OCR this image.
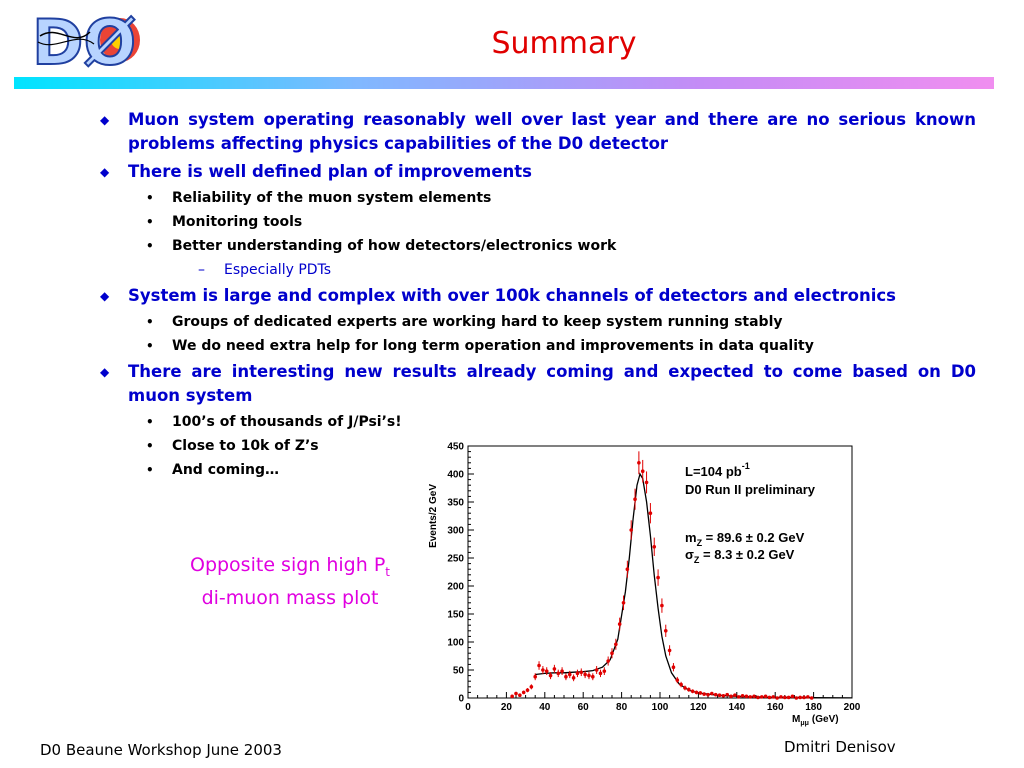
DØ	Summary
◆ Muon system operating reasonably well over last year and there are no serious known problems affecting physics capabilities of the D0 detector
◆ There is well defined plan of improvements
• Reliability of the muon system elements
• Monitoring tools
• Better understanding of how detectors/electronics work
– Especially PDTs
◆ System is large and complex with over 100k channels of detectors and electronics
• Groups of dedicated experts are working hard to keep system running stably
• We do need extra help for long term operation and improvements in data quality
◆ There are interesting new results already coming and expected to come based on D0 muon system
• 100’s of thousands of J/Psi’s!
• Close to 10k of Z’s
• And coming…
Opposite sign high $P_t$
di-muon mass plot
0	20	40	60	80 100 120 140 160 180 200
0
50
100
150
200
250
300
350
400
450
L=104 $pb^{-1}$
D0 Run II preliminary
$m_Z = 89.6 \pm 0.2$ GeV
$\sigma_Z = 8.3 \pm 0.2$ GeV
Events/2 GeV
$M_{\mu\mu}$ (GeV)
D0 Beaune Workshop June 2003	Dmitri Denisov
